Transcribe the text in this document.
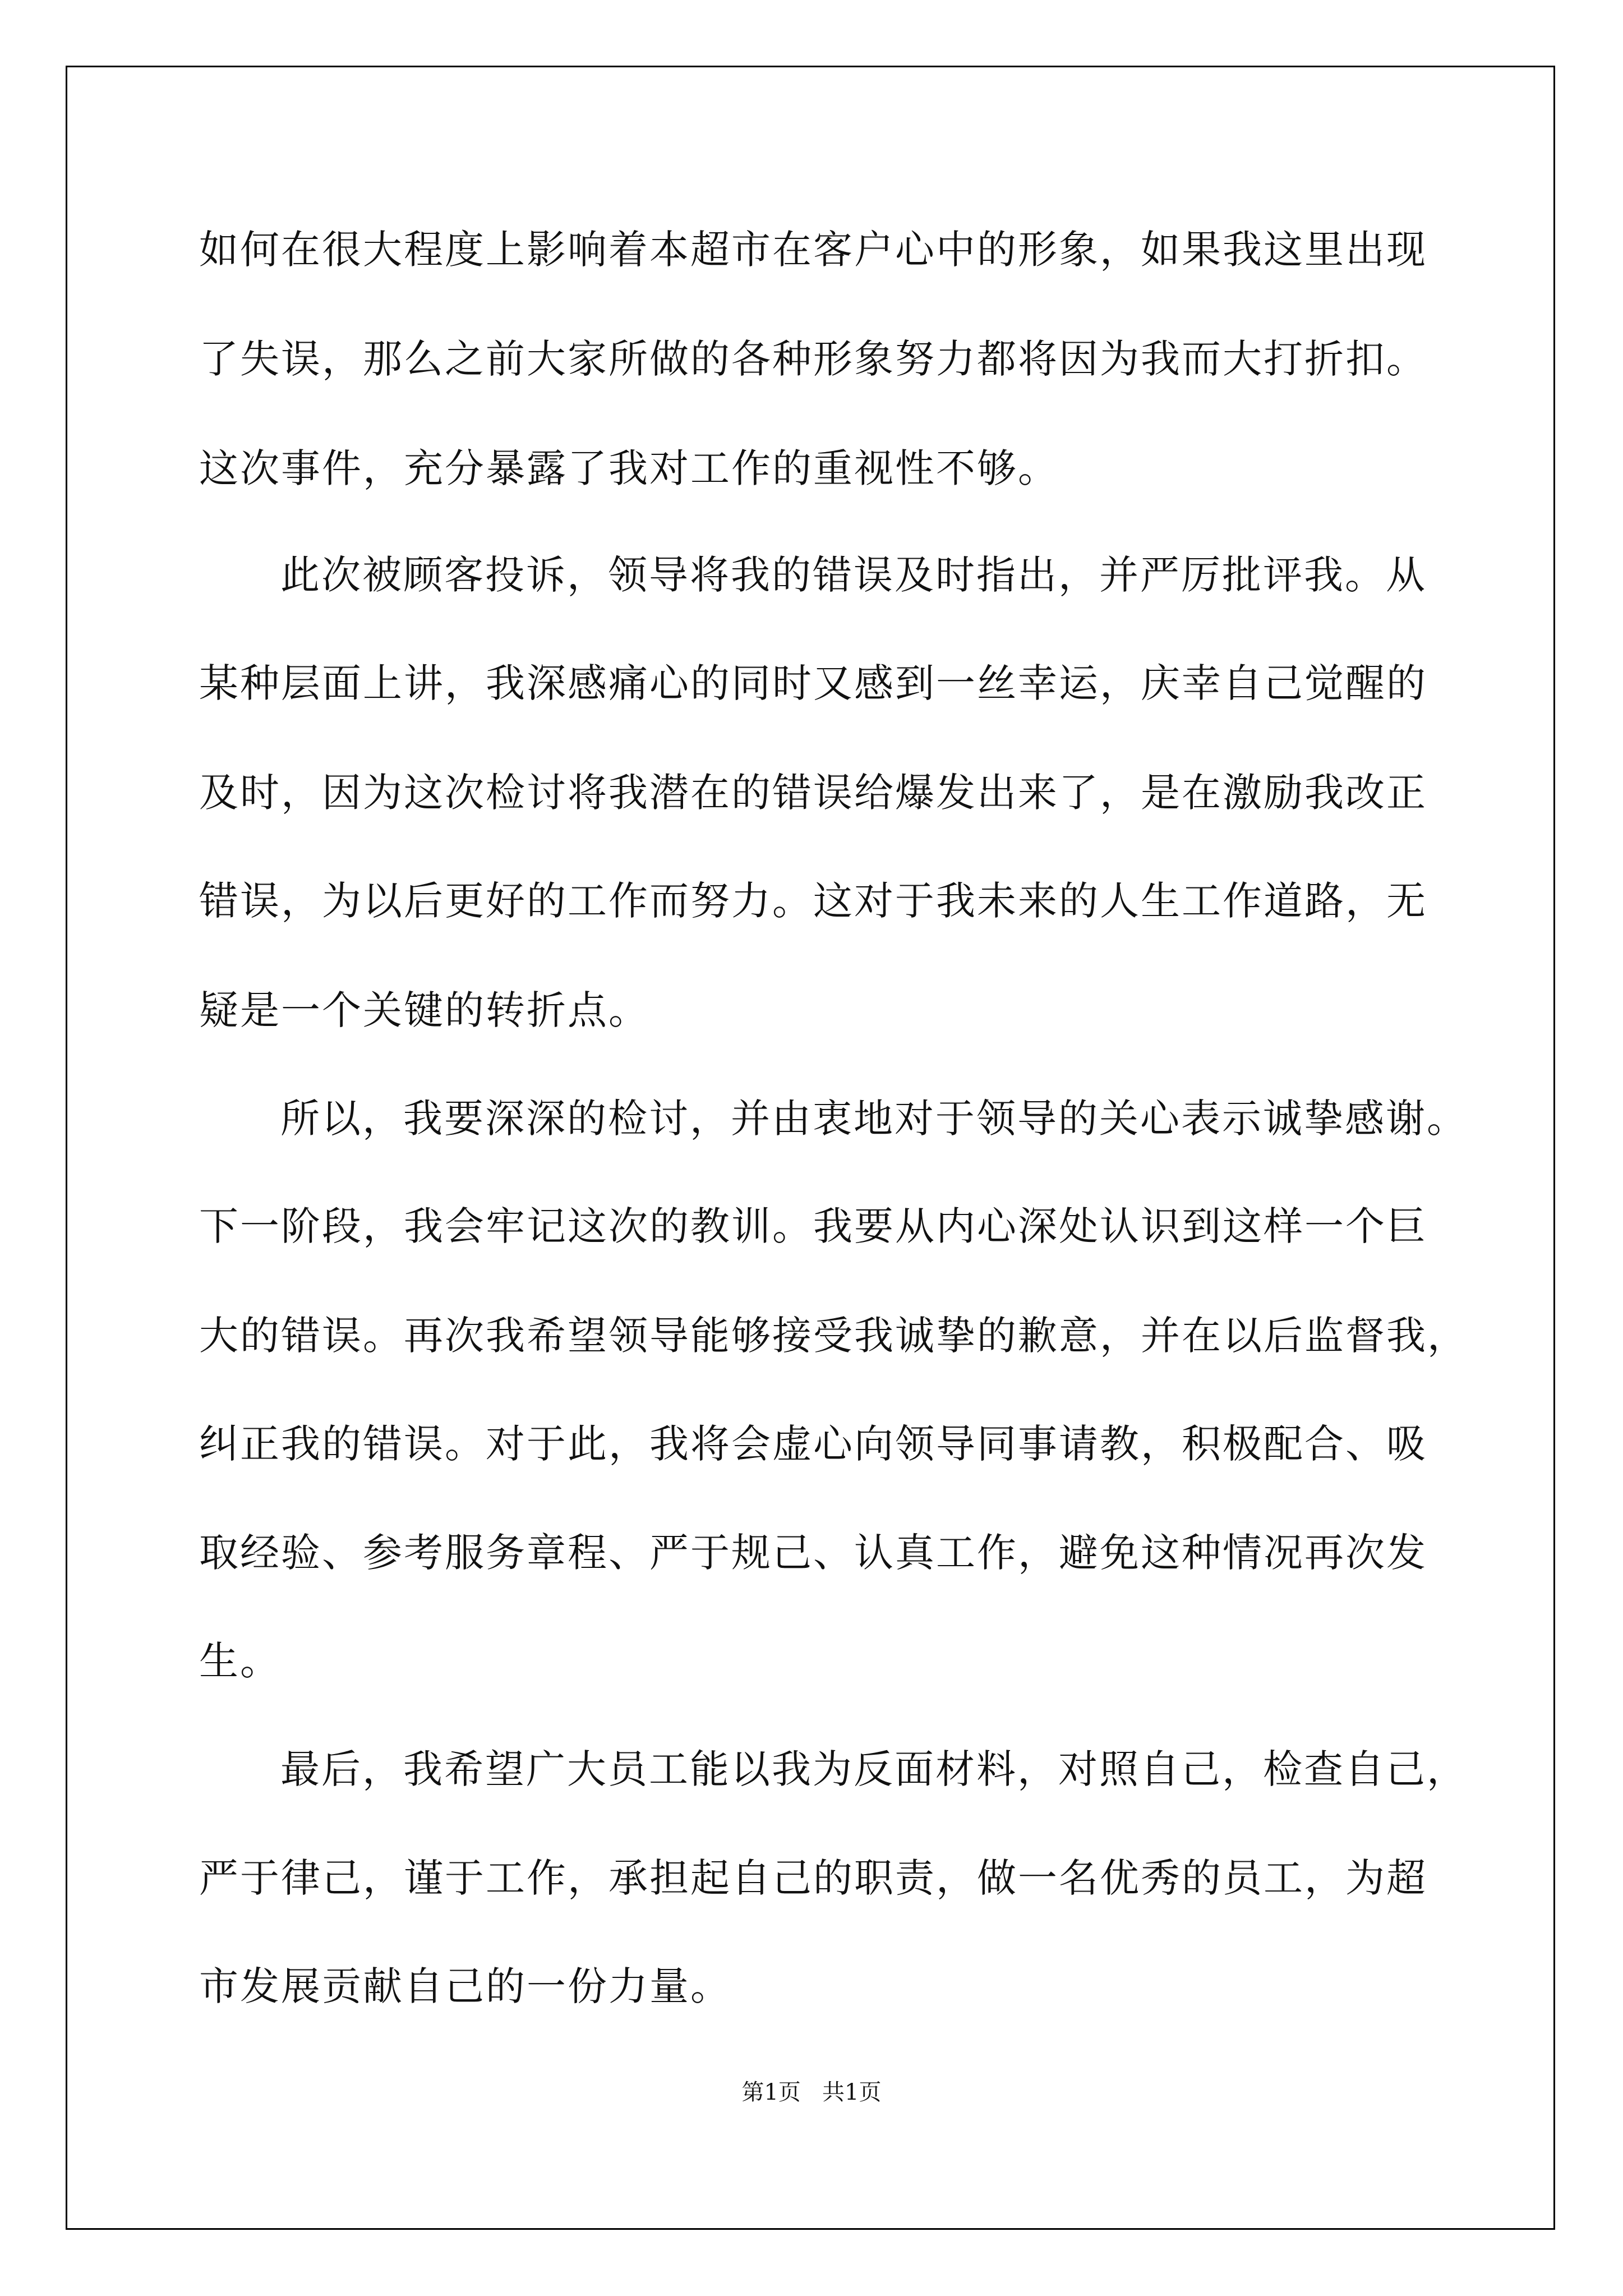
如何在很大程度上影响着本超市在客户心中的形象，如果我这里出现
了失误，那么之前大家所做的各种形象努力都将因为我而大打折扣。
这次事件，充分暴露了我对工作的重视性不够。
此次被顾客投诉，领导将我的错误及时指出，并严厉批评我。从
某种层面上讲，我深感痛心的同时又感到一丝幸运，庆幸自己觉醒的
及时，因为这次检讨将我潜在的错误给爆发出来了，是在激励我改正
错误，为以后更好的工作而努力。这对于我未来的人生工作道路，无
疑是一个关键的转折点。
所以，我要深深的检讨，并由衷地对于领导的关心表示诚挚感谢。
下一阶段，我会牢记这次的教训。我要从内心深处认识到这样一个巨
大的错误。再次我希望领导能够接受我诚挚的歉意，并在以后监督我，
纠正我的错误。对于此，我将会虚心向领导同事请教，积极配合、吸
取经验、参考服务章程、严于规己、认真工作，避免这种情况再次发
生。
最后，我希望广大员工能以我为反面材料，对照自己，检查自己，
严于律己，谨于工作，承担起自己的职责，做一名优秀的员工，为超
市发展贡献自己的一份力量。
第1页   共1页
